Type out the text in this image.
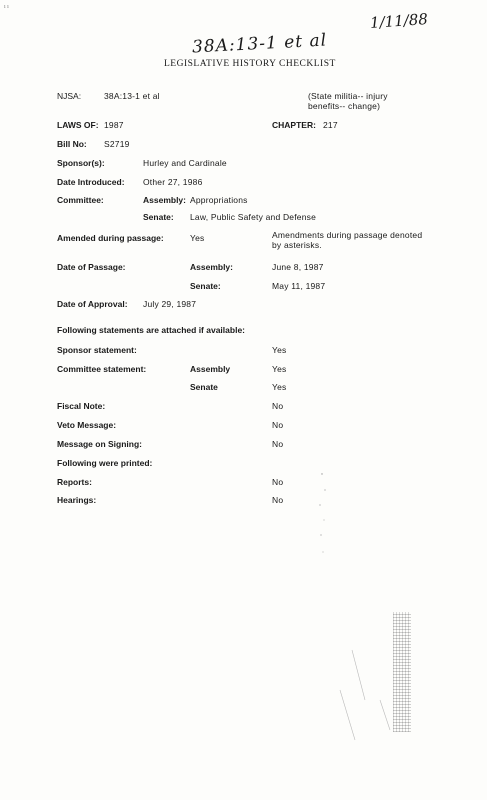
ı ı
1/11/88
38A:13-1 et al
LEGISLATIVE HISTORY CHECKLIST
NJSA:	38A:13-1 et al	(State militia-- injury
benefits-- change)
LAWS OF: 1987	CHAPTER: 217
Bill No: S2719
Sponsor(s):	Hurley and Cardinale
Date Introduced: Other 27, 1986
Committee:	Assembly: Appropriations
Senate: Law, Public Safety and Defense
Amended during passage:	Yes	Amendments during passage denoted
by asterisks.
Date of Passage:	Assembly:	June 8, 1987
Senate:	May 11, 1987
Date of Approval: July 29, 1987
Following statements are attached if available:
Sponsor statement:	Yes
Committee statement:	Assembly	Yes
Senate	Yes
Fiscal Note:	No
Veto Message:	No
Message on Signing:	No
Following were printed:
Reports:	No
Hearings:	No
